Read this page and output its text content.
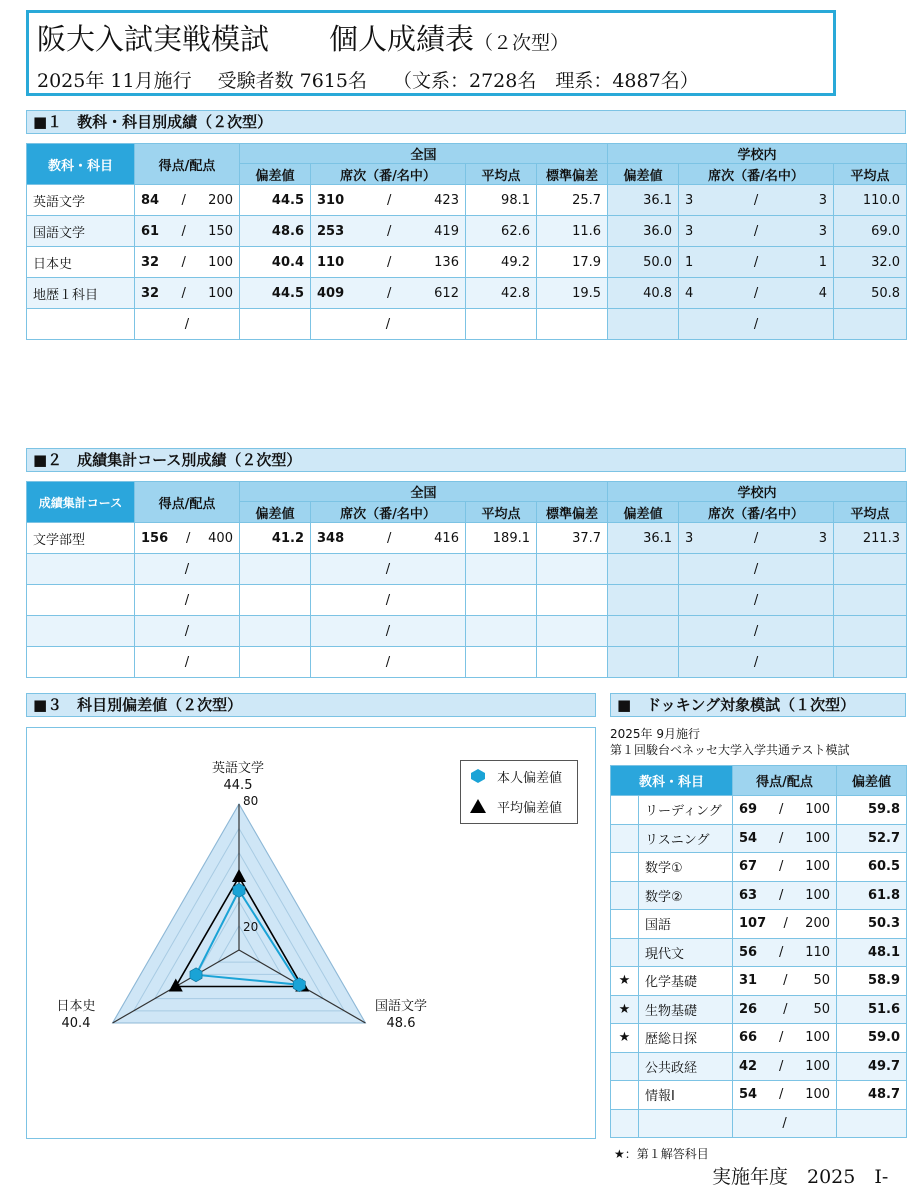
阪大入試実戦模試 個人成績表（２次型）
2025年 11月施行 受験者数 7615名 （文系：2728名　理系：4887名）
■１　教科・科目別成績（２次型）
教科・科目	得点/配点	全国				学校内		
		偏差値	席次（番/名中）	平均点	標準偏差	偏差値	席次（番/名中）	平均点
英語文学	84 / 200	44.5	310 / 423	98.1	25.7	36.1	3 / 3	110.0
国語文学	61 / 150	48.6	253 / 419	62.6	11.6	36.0	3 / 3	69.0
日本史	32 / 100	40.4	110 / 136	49.2	17.9	50.0	1 / 1	32.0
地歴１科目	32 / 100	44.5	409 / 612	42.8	19.5	40.8	4 / 4	50.8

	/		/				/	

■２　成績集計コース別成績（２次型）
成績集計コース	得点/配点	全国				学校内		
		偏差値	席次（番/名中）	平均点	標準偏差	偏差値	席次（番/名中）	平均点
文学部型	156 / 400	41.2	348 / 416	189.1	37.7	36.1	3 / 3	211.3

	/		/				/	

	/		/				/	

	/		/				/	

	/		/				/	

■３　科目別偏差値（２次型）
英語文学
44.5
国語文学
48.6
日本史
40.4
80
20
本人偏差値
平均偏差値
■　ドッキング対象模試（１次型）
2025年 9月施行
第１回駿台ベネッセ大学入学共通テスト模試
教科・科目		得点/配点	偏差値
	リーディング	69 / 100	59.8
	リスニング	54 / 100	52.7
	数学①	67 / 100	60.5
	数学②	63 / 100	61.8
	国語	107 / 200	50.3
	現代文	56 / 110	48.1
★	化学基礎	31 / 50	58.9
★	生物基礎	26 / 50	51.6
★	歴総日探	66 / 100	59.0
	公共政経	42 / 100	49.7
	情報Ⅰ	54 / 100	48.7

		/	

★：第１解答科目
実施年度　2025　I-
